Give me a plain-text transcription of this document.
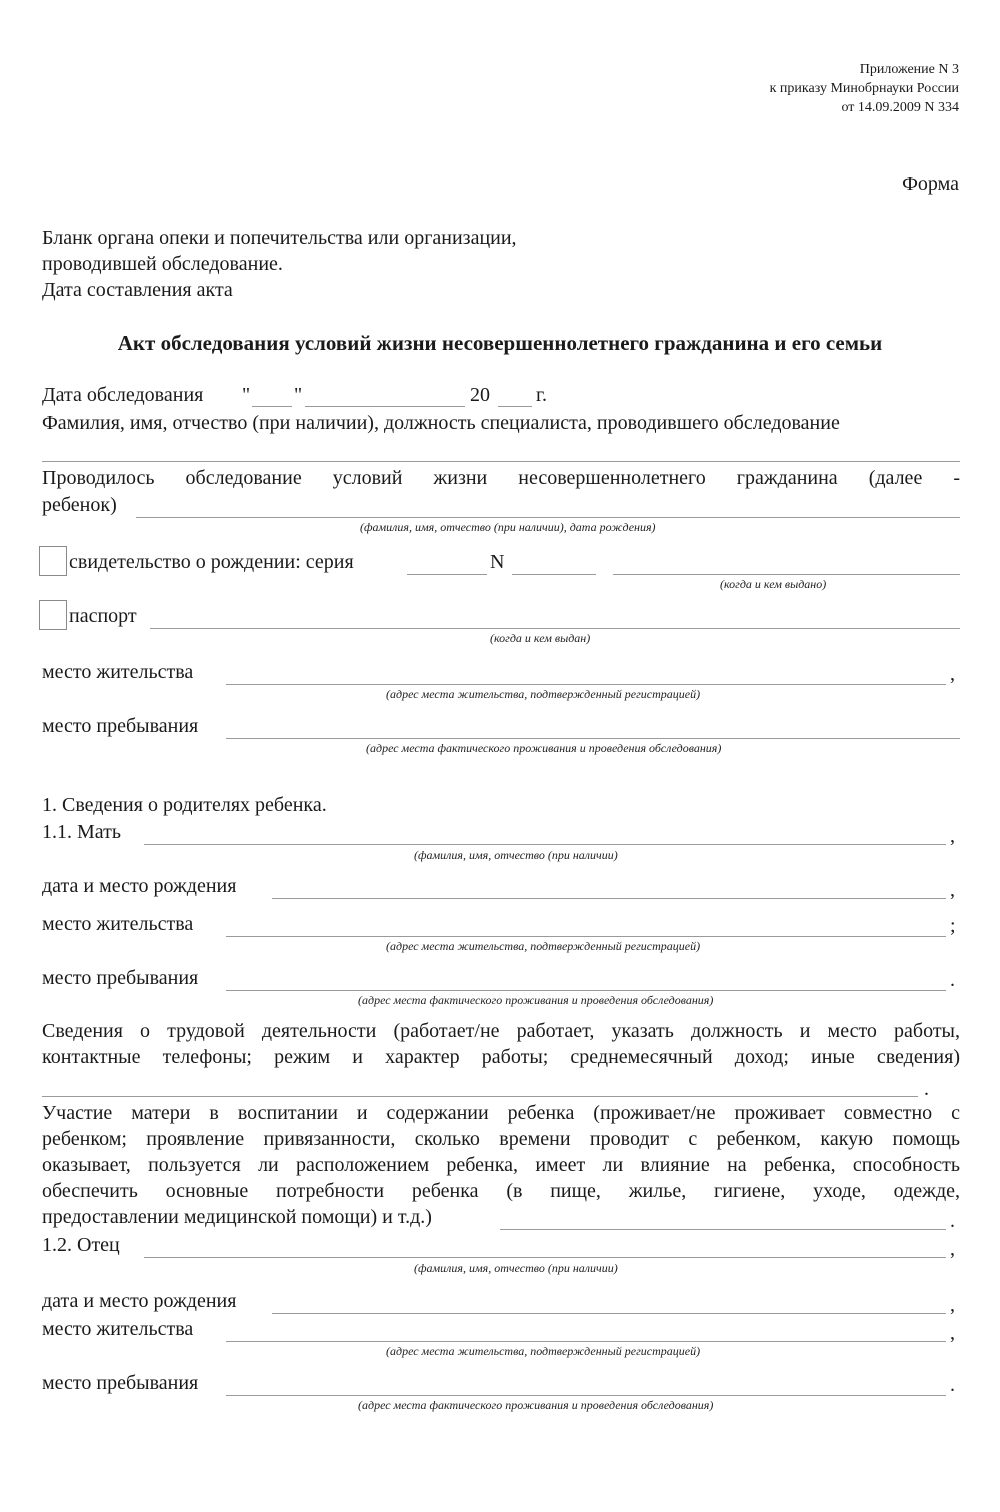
Приложение N 3
к приказу Минобрнауки России
от 14.09.2009 N 334
Форма
Бланк органа опеки и попечительства или организации,
проводившей обследование.
Дата составления акта
Акт обследования условий жизни несовершеннолетнего гражданина и его семьи
Дата обследования " "	20 г.
Фамилия, имя, отчество (при наличии), должность специалиста, проводившего обследование
Проводилось обследование условий жизни несовершеннолетнего гражданина (далее -
ребенок)
(фамилия, имя, отчество (при наличии), дата рождения)
свидетельство о рождении: серия	N
(когда и кем выдано)
паспорт
(когда и кем выдан)
место жительства	,
(адрес места жительства, подтвержденный регистрацией)
место пребывания
(адрес места фактического проживания и проведения обследования)
1. Сведения о родителях ребенка.
1.1. Мать	,
(фамилия, имя, отчество (при наличии)
дата и место рождения	,
место жительства	;
(адрес места жительства, подтвержденный регистрацией)
место пребывания	.
(адрес места фактического проживания и проведения обследования)
Сведения о трудовой деятельности (работает/не работает, указать должность и место работы,
контактные телефоны; режим и характер работы; среднемесячный доход; иные сведения)
.
Участие матери в воспитании и содержании ребенка (проживает/не проживает совместно с
ребенком; проявление привязанности, сколько времени проводит с ребенком, какую помощь
оказывает, пользуется ли расположением ребенка, имеет ли влияние на ребенка, способность
обеспечить основные потребности ребенка (в пище, жилье, гигиене, уходе, одежде,
предоставлении медицинской помощи) и т.д.)	.
1.2. Отец	,
(фамилия, имя, отчество (при наличии)
дата и место рождения	,
место жительства	,
(адрес места жительства, подтвержденный регистрацией)
место пребывания	.
(адрес места фактического проживания и проведения обследования)
